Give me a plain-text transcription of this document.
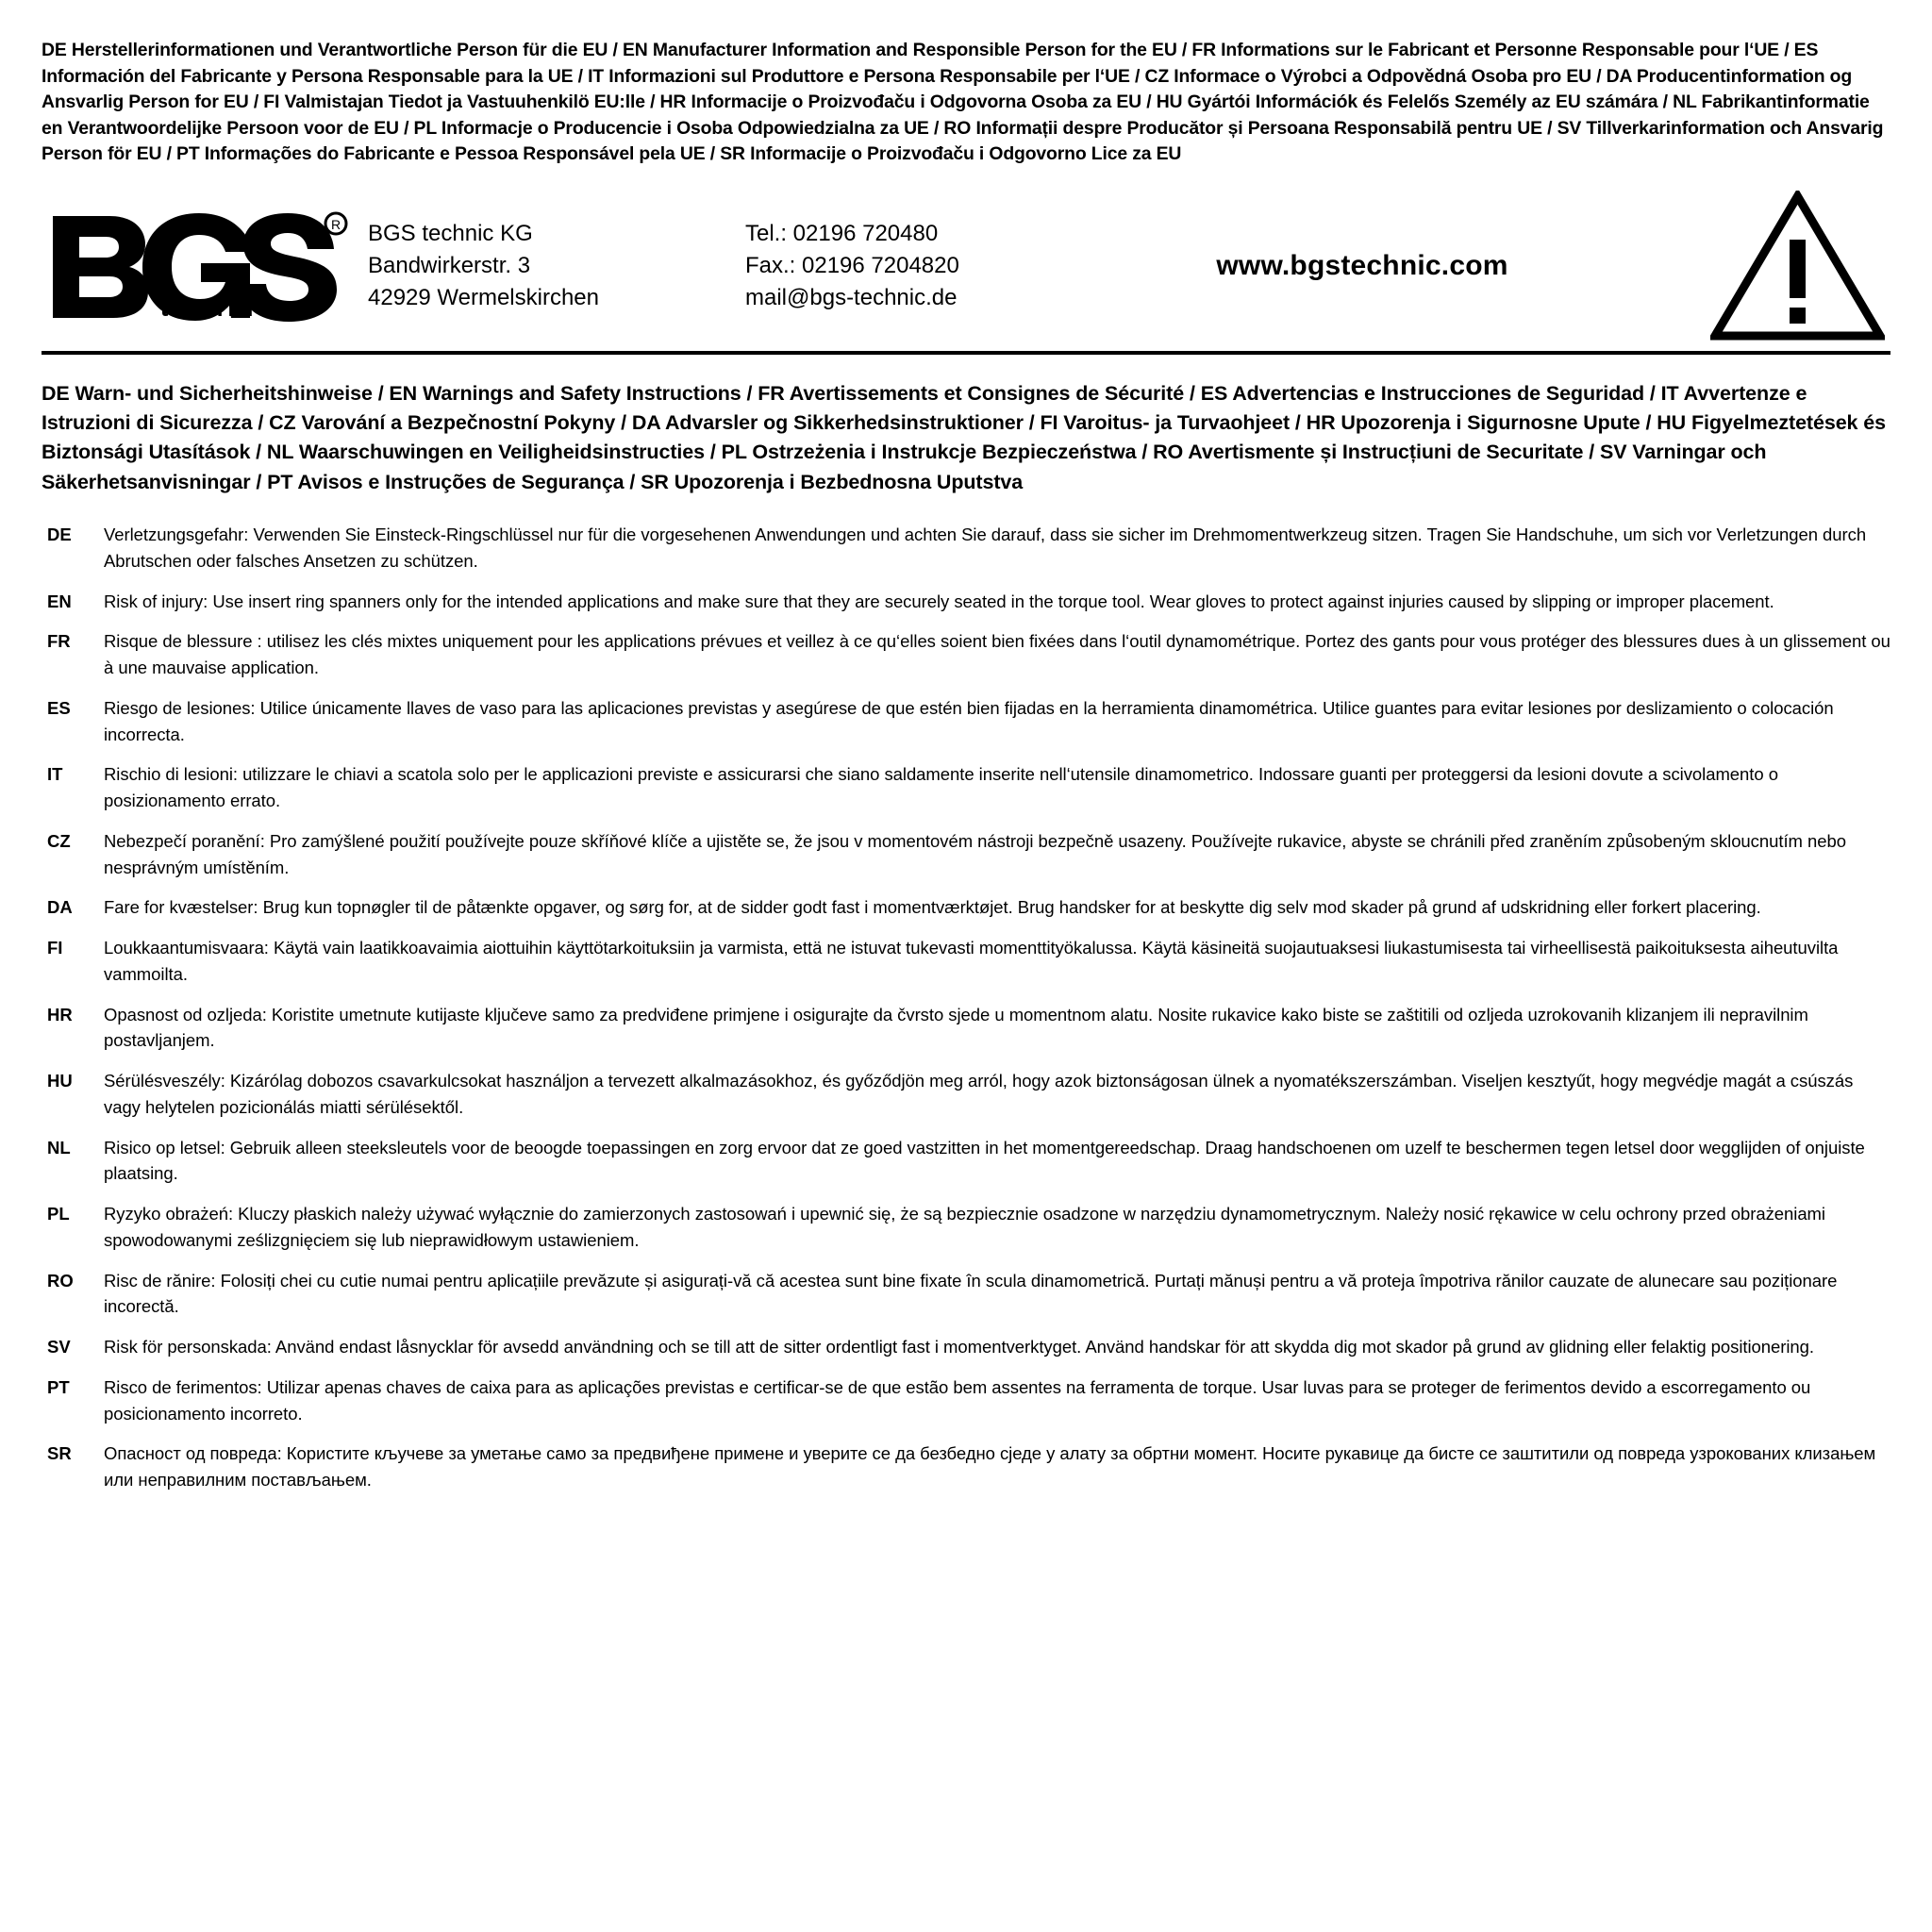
DE Herstellerinformationen und Verantwortliche Person für die EU / EN Manufacturer Information and Responsible Person for the EU / FR Informations sur le Fabricant et Personne Responsable pour l‘UE / ES Información del Fabricante y Persona Responsable para la UE / IT Informazioni sul Produttore e Persona Responsabile per l‘UE / CZ Informace o Výrobci a Odpovědná Osoba pro EU / DA Producentinformation og Ansvarlig Person for EU / FI Valmistajan Tiedot ja Vastuuhenkilö EU:lle / HR Informacije o Proizvođaču i Odgovorna Osoba za EU / HU Gyártói Információk és Felelős Személy az EU számára / NL Fabrikantinformatie en Verantwoordelijke Persoon voor de EU / PL Informacje o Producencie i Osoba Odpowiedzialna za UE / RO Informații despre Producător și Persoana Responsabilă pentru UE / SV Tillverkarinformation och Ansvarig Person för EU / PT Informações do Fabricante e Pessoa Responsável pela UE / SR Informacije o Proizvođaču i Odgovorno Lice za EU
R
technic
BGS technic KG
Bandwirkerstr. 3
42929 Wermelskirchen
Tel.: 02196 720480
Fax.: 02196 7204820
mail@bgs-technic.de
www.bgstechnic.com
DE Warn- und Sicherheitshinweise / EN Warnings and Safety Instructions / FR Avertissements et Consignes de Sécurité / ES Advertencias e Instrucciones de Seguridad / IT Avvertenze e Istruzioni di Sicurezza / CZ Varování a Bezpečnostní Pokyny / DA Advarsler og Sikkerhedsinstruktioner / FI Varoitus- ja Turvaohjeet / HR Upozorenja i Sigurnosne Upute / HU Figyelmeztetések és Biztonsági Utasítások / NL Waarschuwingen en Veiligheidsinstructies / PL Ostrzeżenia i Instrukcje Bezpieczeństwa / RO Avertismente și Instrucțiuni de Securitate / SV Varningar och Säkerhetsanvisningar / PT Avisos e Instruções de Segurança / SR Upozorenja i Bezbednosna Uputstva
DE	Verletzungsgefahr: Verwenden Sie Einsteck-Ringschlüssel nur für die vorgesehenen Anwendungen und achten Sie darauf, dass sie sicher im Drehmomentwerkzeug sitzen. Tragen Sie Handschuhe, um sich vor Verletzungen durch Abrutschen oder falsches Ansetzen zu schützen.
EN	Risk of injury: Use insert ring spanners only for the intended applications and make sure that they are securely seated in the torque tool. Wear gloves to protect against injuries caused by slipping or improper placement.
FR	Risque de blessure : utilisez les clés mixtes uniquement pour les applications prévues et veillez à ce qu‘elles soient bien fixées dans l‘outil dynamométrique. Portez des gants pour vous protéger des blessures dues à un glissement ou à une mauvaise application.
ES	Riesgo de lesiones: Utilice únicamente llaves de vaso para las aplicaciones previstas y asegúrese de que estén bien fijadas en la herramienta dinamométrica. Utilice guantes para evitar lesiones por deslizamiento o colocación incorrecta.
IT	Rischio di lesioni: utilizzare le chiavi a scatola solo per le applicazioni previste e assicurarsi che siano saldamente inserite nell‘utensile dinamometrico. Indossare guanti per proteggersi da lesioni dovute a scivolamento o posizionamento errato.
CZ	Nebezpečí poranění: Pro zamýšlené použití používejte pouze skříňové klíče a ujistěte se, že jsou v momentovém nástroji bezpečně usazeny. Používejte rukavice, abyste se chránili před zraněním způsobeným skloucnutím nebo nesprávným umístěním.
DA	Fare for kvæstelser: Brug kun topnøgler til de påtænkte opgaver, og sørg for, at de sidder godt fast i momentværktøjet. Brug handsker for at beskytte dig selv mod skader på grund af udskridning eller forkert placering.
FI	Loukkaantumisvaara: Käytä vain laatikkoavaimia aiottuihin käyttötarkoituksiin ja varmista, että ne istuvat tukevasti momenttityökalussa. Käytä käsineitä suojautuaksesi liukastumisesta tai virheellisestä paikoituksesta aiheutuvilta vammoilta.
HR	Opasnost od ozljeda: Koristite umetnute kutijaste ključeve samo za predviđene primjene i osigurajte da čvrsto sjede u momentnom alatu. Nosite rukavice kako biste se zaštitili od ozljeda uzrokovanih klizanjem ili nepravilnim postavljanjem.
HU	Sérülésveszély: Kizárólag dobozos csavarkulcsokat használjon a tervezett alkalmazásokhoz, és győződjön meg arról, hogy azok biztonságosan ülnek a nyomatékszerszámban. Viseljen kesztyűt, hogy megvédje magát a csúszás vagy helytelen pozicionálás miatti sérülésektől.
NL	Risico op letsel: Gebruik alleen steeksleutels voor de beoogde toepassingen en zorg ervoor dat ze goed vastzitten in het momentgereedschap. Draag handschoenen om uzelf te beschermen tegen letsel door wegglijden of onjuiste plaatsing.
PL	Ryzyko obrażeń: Kluczy płaskich należy używać wyłącznie do zamierzonych zastosowań i upewnić się, że są bezpiecznie osadzone w narzędziu dynamometrycznym. Należy nosić rękawice w celu ochrony przed obrażeniami spowodowanymi ześlizgnięciem się lub nieprawidłowym ustawieniem.
RO	Risc de rănire: Folosiți chei cu cutie numai pentru aplicațiile prevăzute și asigurați-vă că acestea sunt bine fixate în scula dinamometrică. Purtați mănuși pentru a vă proteja împotriva rănilor cauzate de alunecare sau poziționare incorectă.
SV	Risk för personskada: Använd endast låsnycklar för avsedd användning och se till att de sitter ordentligt fast i momentverktyget. Använd handskar för att skydda dig mot skador på grund av glidning eller felaktig positionering.
PT	Risco de ferimentos: Utilizar apenas chaves de caixa para as aplicações previstas e certificar-se de que estão bem assentes na ferramenta de torque. Usar luvas para se proteger de ferimentos devido a escorregamento ou posicionamento incorreto.
SR	Опасност од повреда: Користите кључеве за уметање само за предвиђене примене и уверите се да безбедно сједе у алату за обртни момент. Носите рукавице да бисте се заштитили од повреда узрокованих клизањем или неправилним постављањем.
